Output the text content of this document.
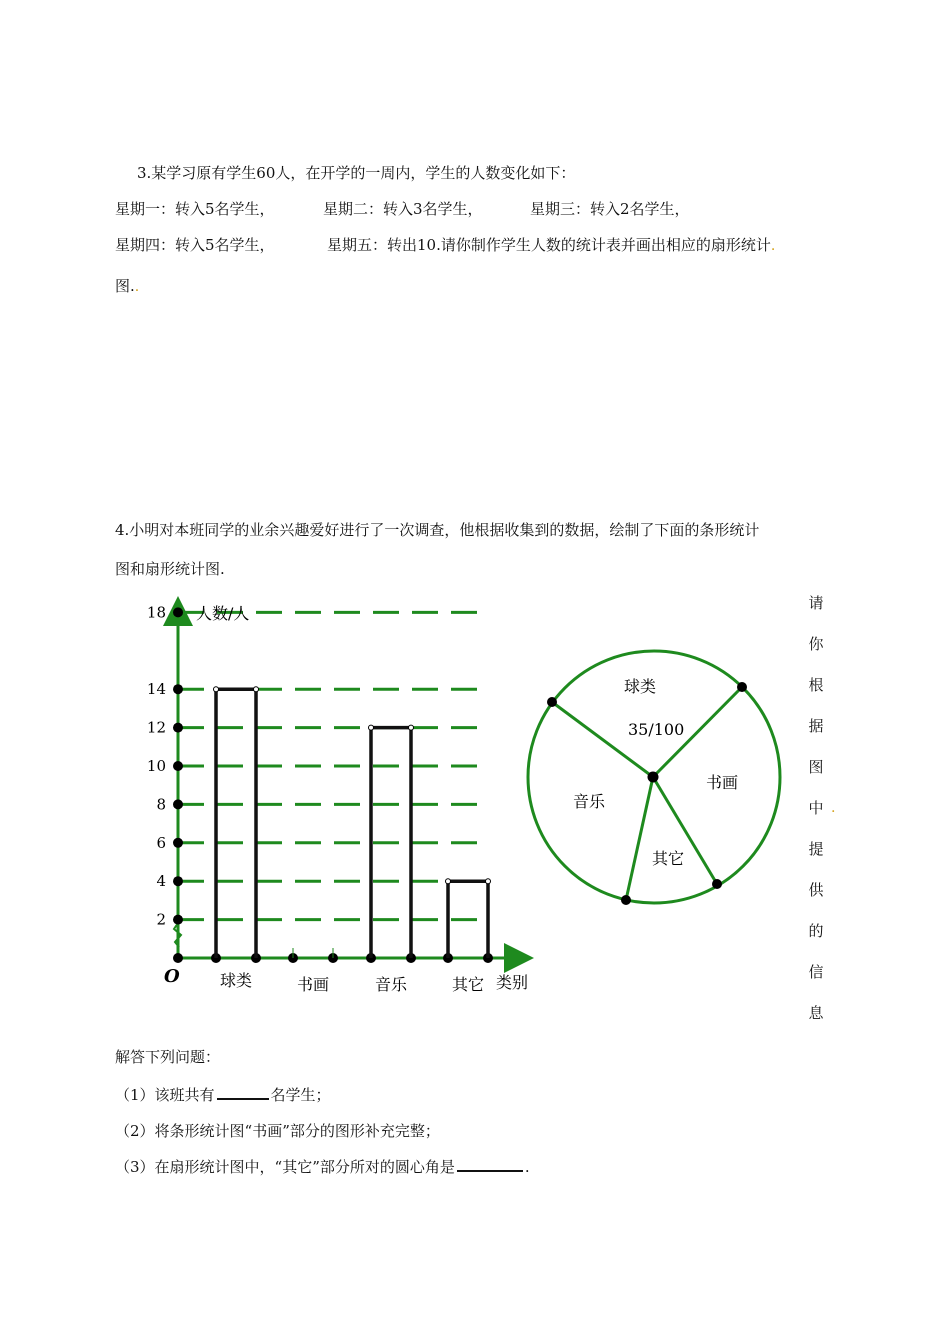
3.某学习原有学生60人，在开学的一周内，学生的人数变化如下：
星期一：转入5名学生，	星期二：转入3名学生，	星期三：转入2名学生，
星期四：转入5名学生，	星期五：转出10.请你制作学生人数的统计表并画出相应的扇形统计.
图..
4.小明对本班同学的业余兴趣爱好进行了一次调查，他根据收集到的数据，绘制了下面的条形统计
图和扇形统计图.
人数/人
类别
O
2
4
6
8
10
12
14
18
球类	书画	音乐	其它
球类
35/100
书画
其它
音乐
请
你
根
据
图
中
提
供
的
信
息
.
解答下列问题：
（1）该班共有	名学生；
（2）将条形统计图“书画”部分的图形补充完整；
（3）在扇形统计图中，“其它”部分所对的圆心角是	.
